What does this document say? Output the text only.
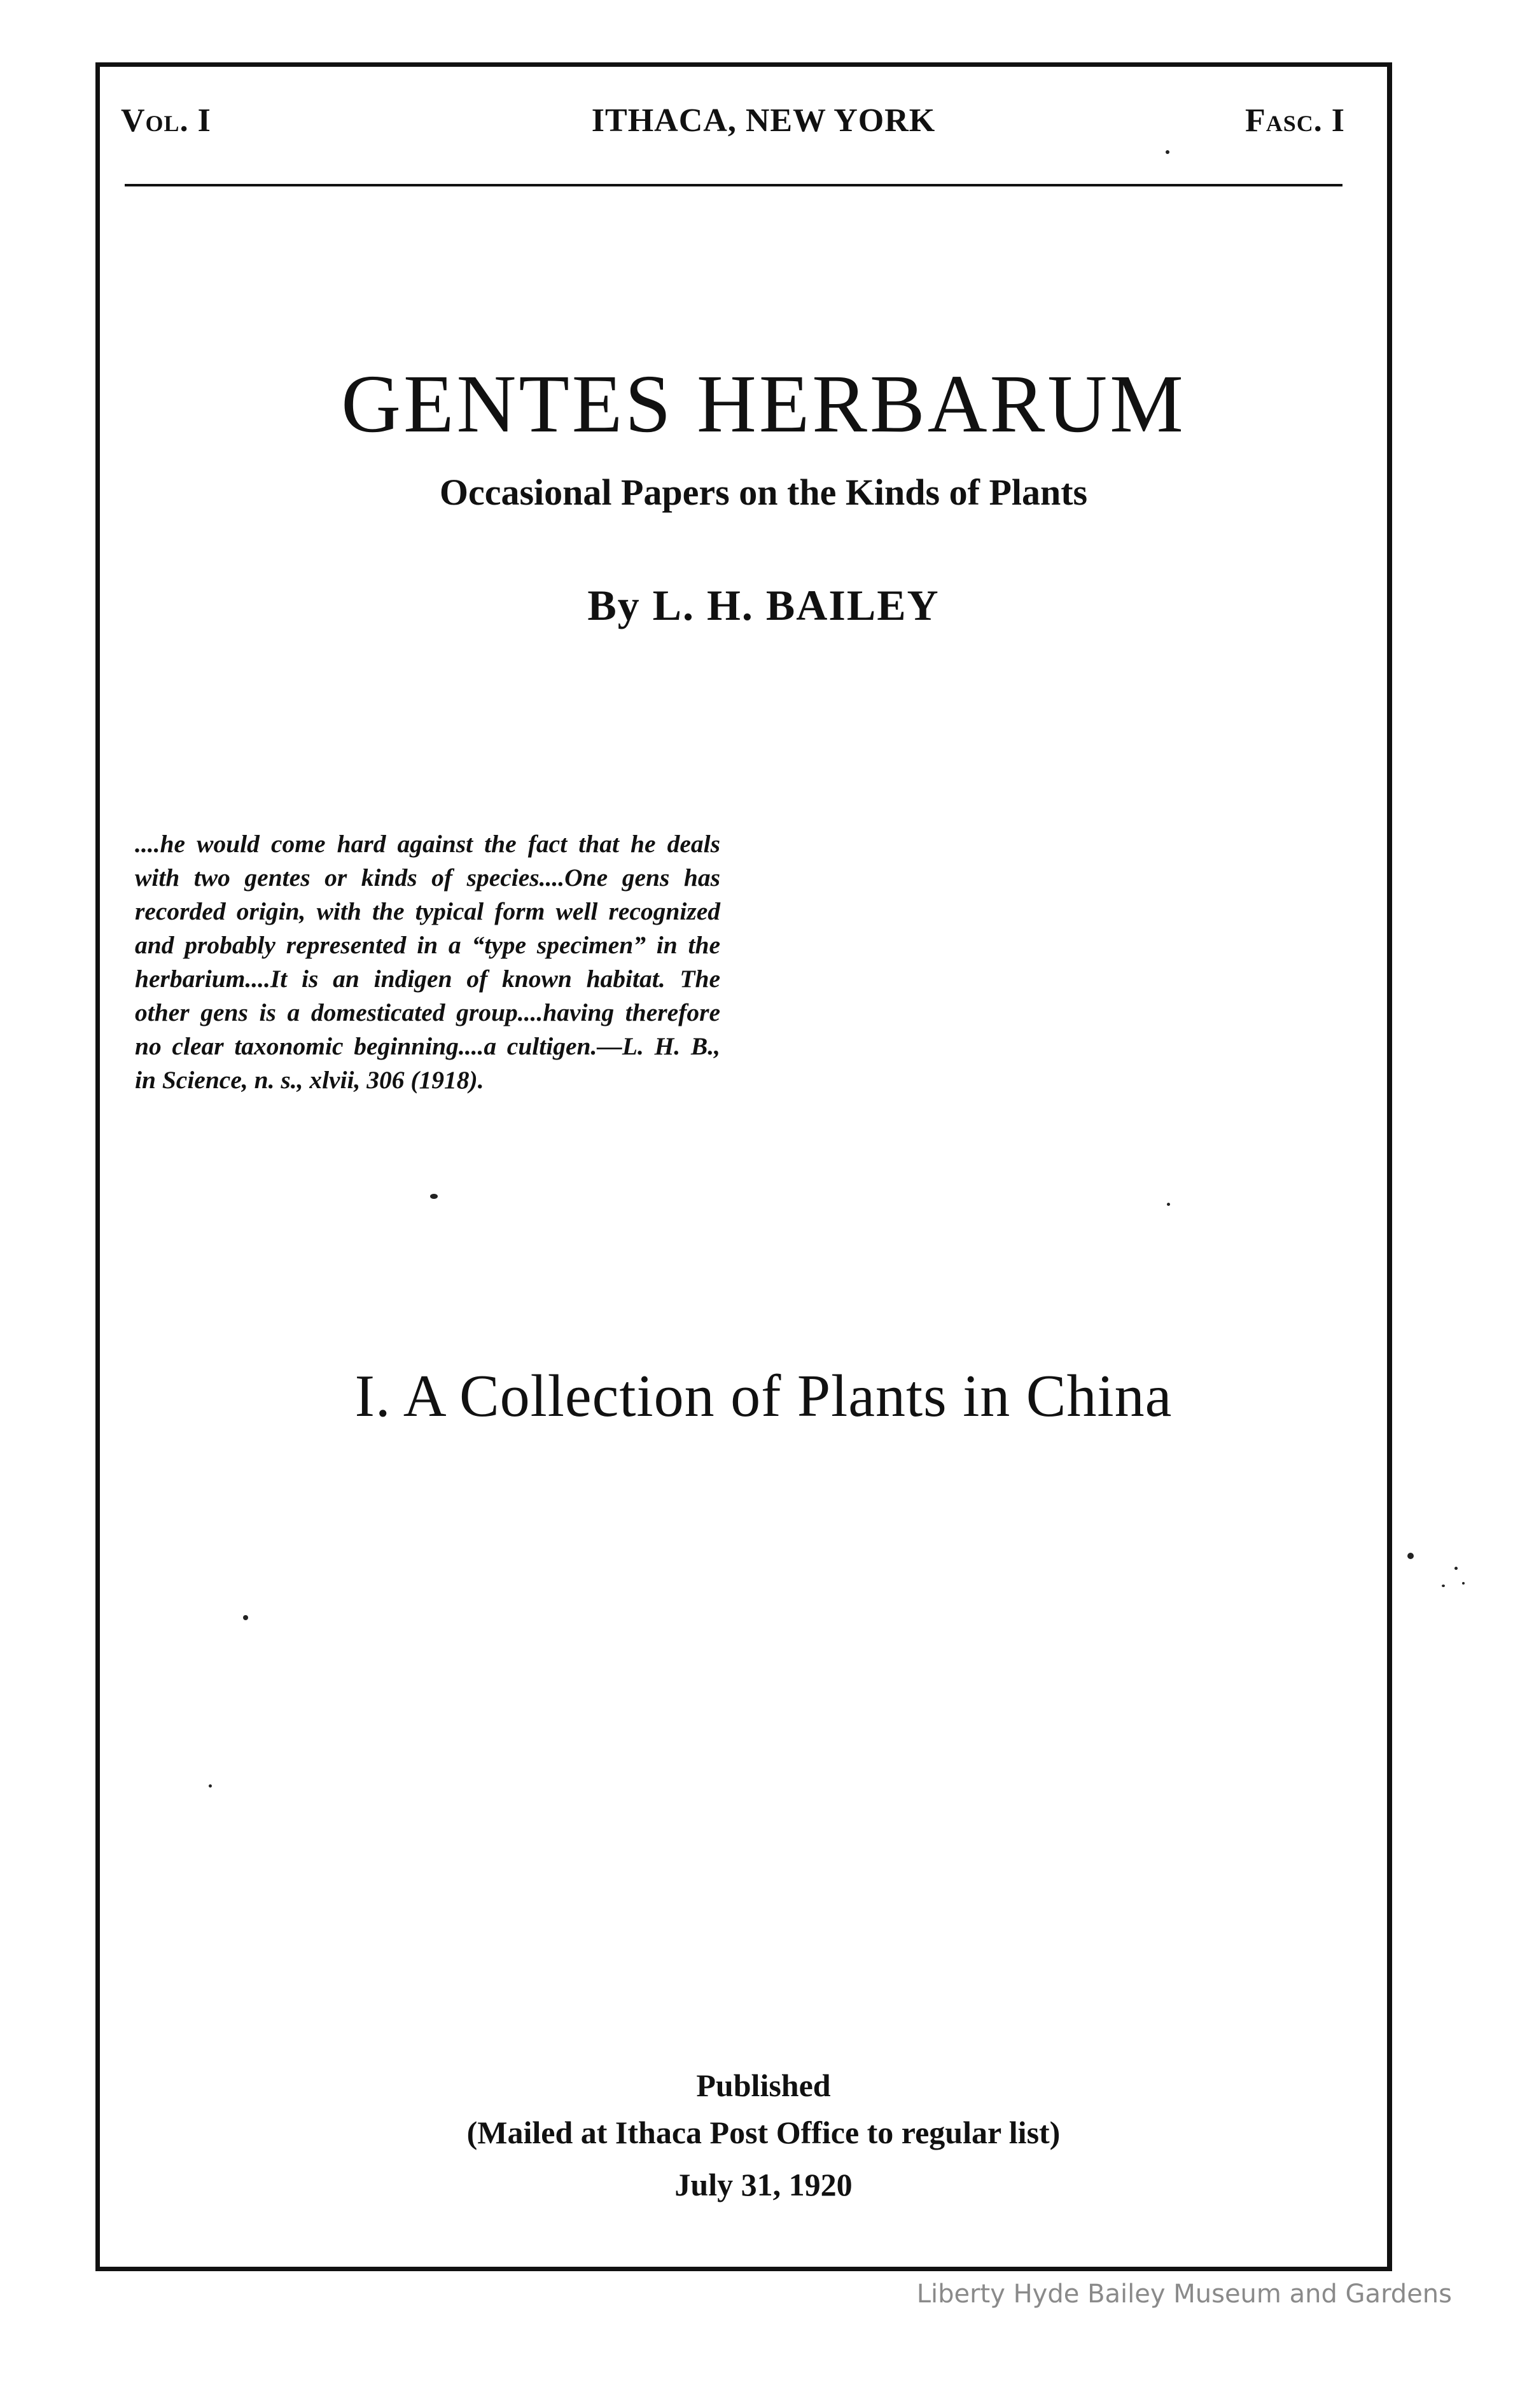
Vol. I	ITHACA, NEW YORK	Fasc. I
GENTES HERBARUM
Occasional Papers on the Kinds of Plants
By L. H. BAILEY
....he would come hard against the fact that he deals with two gentes or kinds of species....One gens has recorded origin, with the typical form well recognized and probably represented in a “type specimen” in the herbarium....It is an indigen of known habitat. The other gens is a domesticated group....having therefore no clear taxonomic beginning....a cultigen.—L. H. B., in Science, n. s., xlvii, 306 (1918).
I. A Collection of Plants in China
Published
(Mailed at Ithaca Post Office to regular list)
July 31, 1920
Liberty Hyde Bailey Museum and Gardens
